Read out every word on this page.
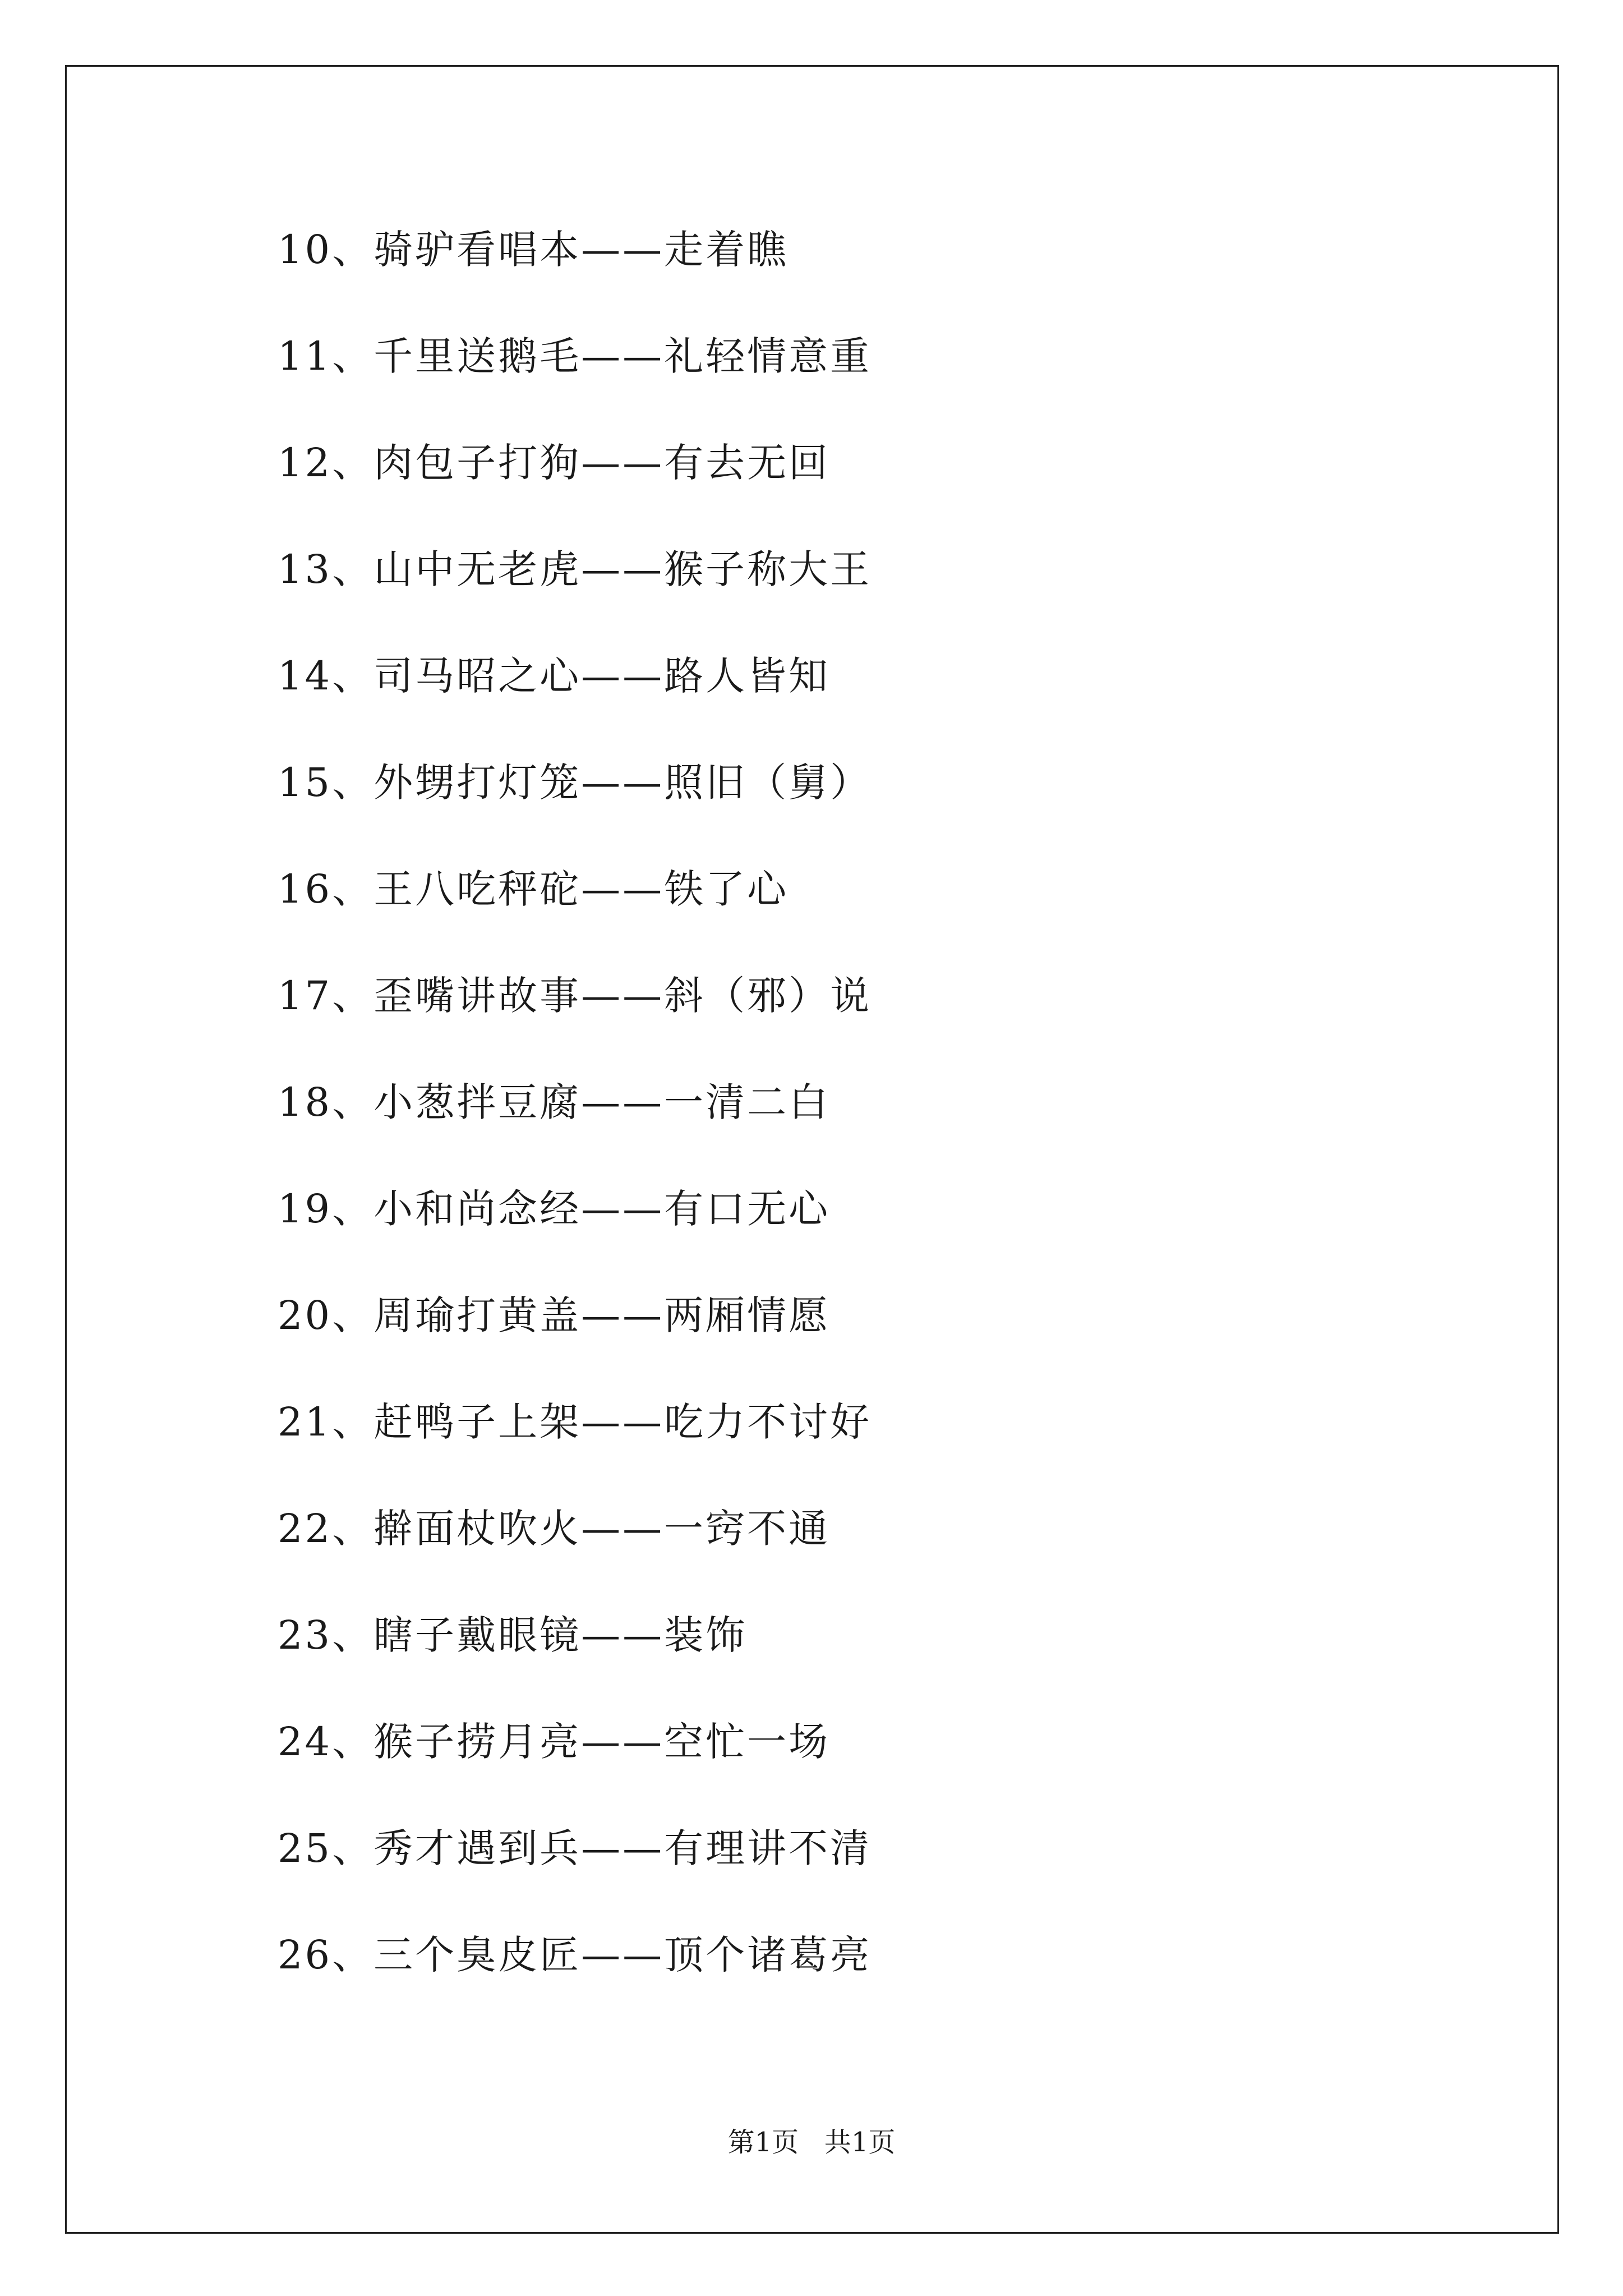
10、骑驴看唱本——走着瞧
11、千里送鹅毛——礼轻情意重
12、肉包子打狗——有去无回
13、山中无老虎——猴子称大王
14、司马昭之心——路人皆知
15、外甥打灯笼——照旧（舅）
16、王八吃秤砣——铁了心
17、歪嘴讲故事——斜（邪）说
18、小葱拌豆腐——一清二白
19、小和尚念经——有口无心
20、周瑜打黄盖——两厢情愿
21、赶鸭子上架——吃力不讨好
22、擀面杖吹火——一窍不通
23、瞎子戴眼镜——装饰
24、猴子捞月亮——空忙一场
25、秀才遇到兵——有理讲不清
26、三个臭皮匠——顶个诸葛亮
第1页   共1页
